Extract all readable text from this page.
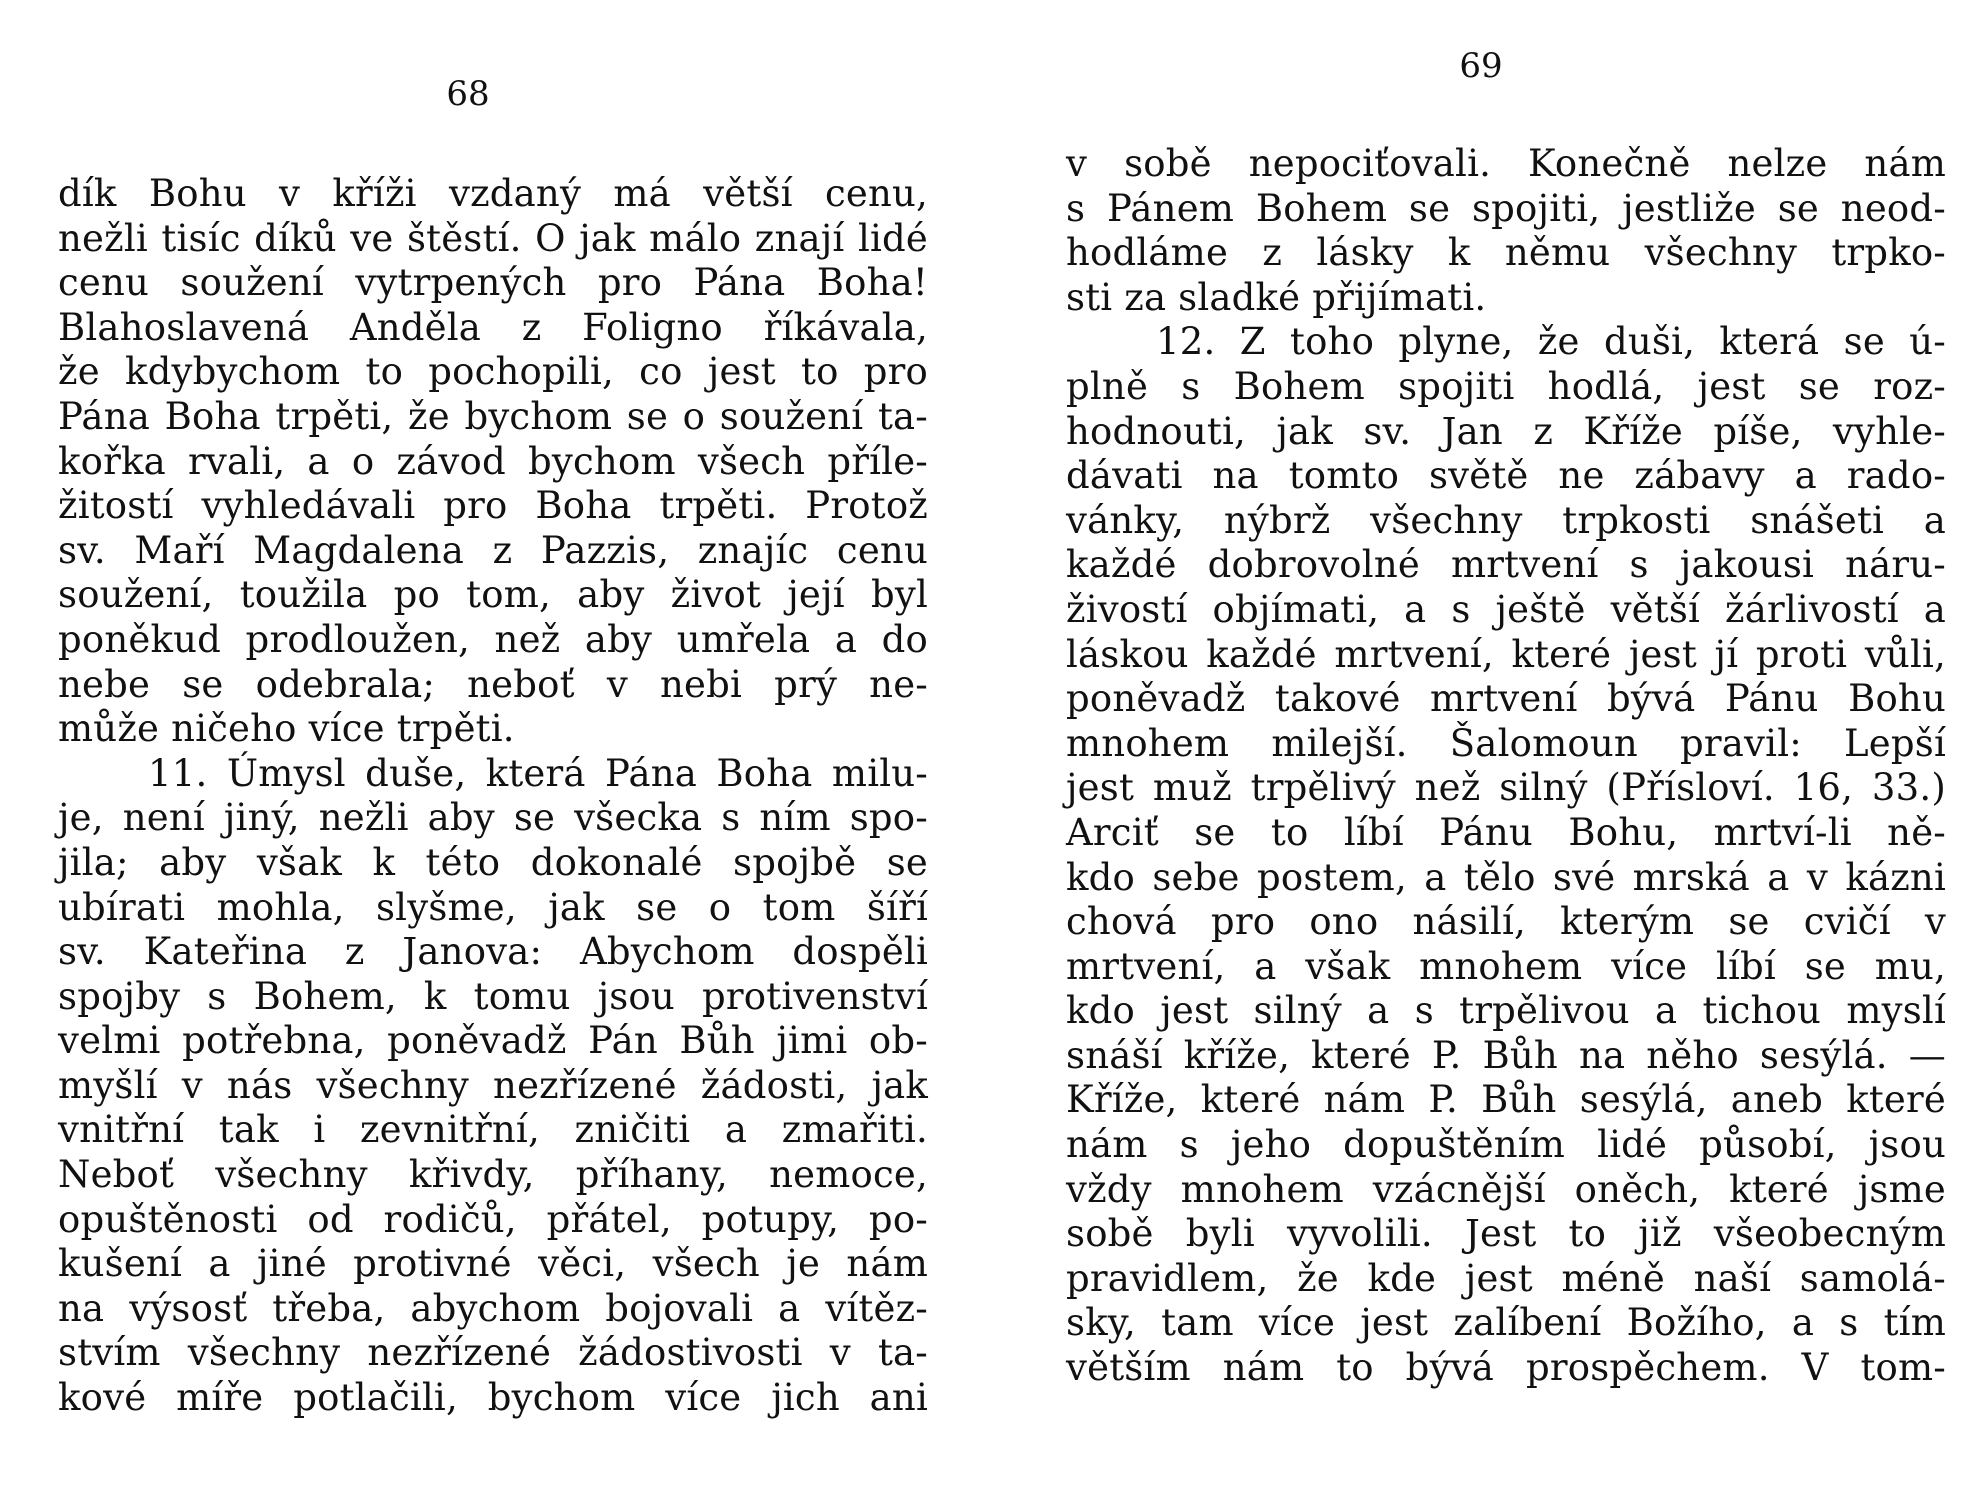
68
dík Bohu v kříži vzdaný má větší cenu,
nežli tisíc díků ve štěstí. O jak málo znají lidé
cenu soužení vytrpených pro Pána Boha!
Blahoslavená Anděla z Foligno říkávala,
že kdybychom to pochopili, co jest to pro
Pána Boha trpěti, že bychom se o soužení ta-
kořka rvali, a o závod bychom všech příle-
žitostí vyhledávali pro Boha trpěti. Protož
sv. Maří Magdalena z Pazzis, znajíc cenu
soužení, toužila po tom, aby život její byl
poněkud prodloužen, než aby umřela a do
nebe se odebrala; neboť v nebi prý ne-
může ničeho více trpěti.
11. Úmysl duše, která Pána Boha milu-
je, není jiný, nežli aby se všecka s ním spo-
jila; aby však k této dokonalé spojbě se
ubírati mohla, slyšme, jak se o tom šíří
sv. Kateřina z Janova: Abychom dospěli
spojby s Bohem, k tomu jsou protivenství
velmi potřebna, poněvadž Pán Bůh jimi ob-
myšlí v nás všechny nezřízené žádosti, jak
vnitřní tak i zevnitřní, zničiti a zmařiti.
Neboť všechny křivdy, příhany, nemoce,
opuštěnosti od rodičů, přátel, potupy, po-
kušení a jiné protivné věci, všech je nám
na výsosť třeba, abychom bojovali a vítěz-
stvím všechny nezřízené žádostivosti v ta-
kové míře potlačili, bychom více jich ani
69
v sobě nepociťovali. Konečně nelze nám
s Pánem Bohem se spojiti, jestliže se neod-
hodláme z lásky k němu všechny trpko-
sti za sladké přijímati.
12. Z toho plyne, že duši, která se ú-
plně s Bohem spojiti hodlá, jest se roz-
hodnouti, jak sv. Jan z Kříže píše, vyhle-
dávati na tomto světě ne zábavy a rado-
vánky, nýbrž všechny trpkosti snášeti a
každé dobrovolné mrtvení s jakousi náru-
živostí objímati, a s ještě větší žárlivostí a
láskou každé mrtvení, které jest jí proti vůli,
poněvadž takové mrtvení bývá Pánu Bohu
mnohem milejší. Šalomoun pravil: Lepší
jest muž trpělivý než silný (Přísloví. 16, 33.)
Arciť se to líbí Pánu Bohu, mrtví-li ně-
kdo sebe postem, a tělo své mrská a v kázni
chová pro ono násilí, kterým se cvičí v
mrtvení, a však mnohem více líbí se mu,
kdo jest silný a s trpělivou a tichou myslí
snáší kříže, které P. Bůh na něho sesýlá. —
Kříže, které nám P. Bůh sesýlá, aneb které
nám s jeho dopuštěním lidé působí, jsou
vždy mnohem vzácnější oněch, které jsme
sobě byli vyvolili. Jest to již všeobecným
pravidlem, že kde jest méně naší samolá-
sky, tam více jest zalíbení Božího, a s tím
větším nám to bývá prospěchem. V tom-
